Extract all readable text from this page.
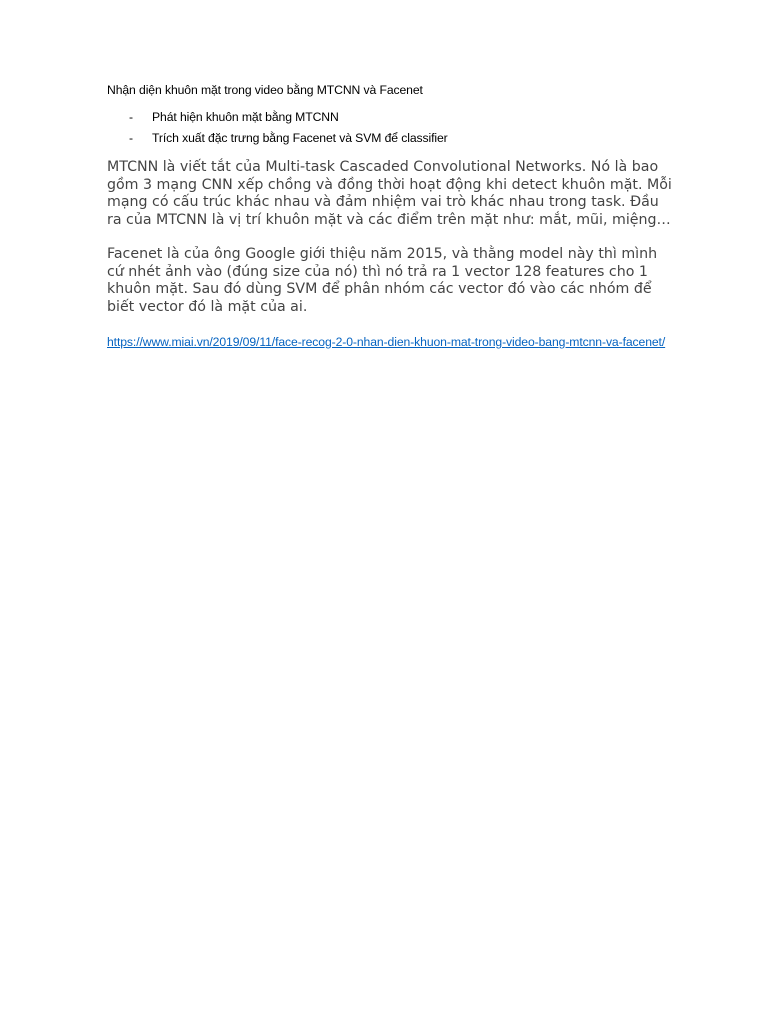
Nhận diện khuôn mặt trong video bằng MTCNN và Facenet

- Phát hiện khuôn mặt bằng MTCNN
- Trích xuất đặc trưng bằng Facenet và SVM để classifier

MTCNN là viết tắt của Multi-task Cascaded Convolutional Networks. Nó là bao gồm 3 mạng CNN xếp chồng và đồng thời hoạt động khi detect khuôn mặt. Mỗi mạng có cấu trúc khác nhau và đảm nhiệm vai trò khác nhau trong task. Đầu ra của MTCNN là vị trí khuôn mặt và các điểm trên mặt như: mắt, mũi, miệng…

Facenet là của ông Google giới thiệu năm 2015, và thằng model này thì mình cứ nhét ảnh vào (đúng size của nó) thì nó trả ra 1 vector 128 features cho 1 khuôn mặt. Sau đó dùng SVM để phân nhóm các vector đó vào các nhóm để biết vector đó là mặt của ai.

https://www.miai.vn/2019/09/11/face-recog-2-0-nhan-dien-khuon-mat-trong-video-bang-mtcnn-va-facenet/
